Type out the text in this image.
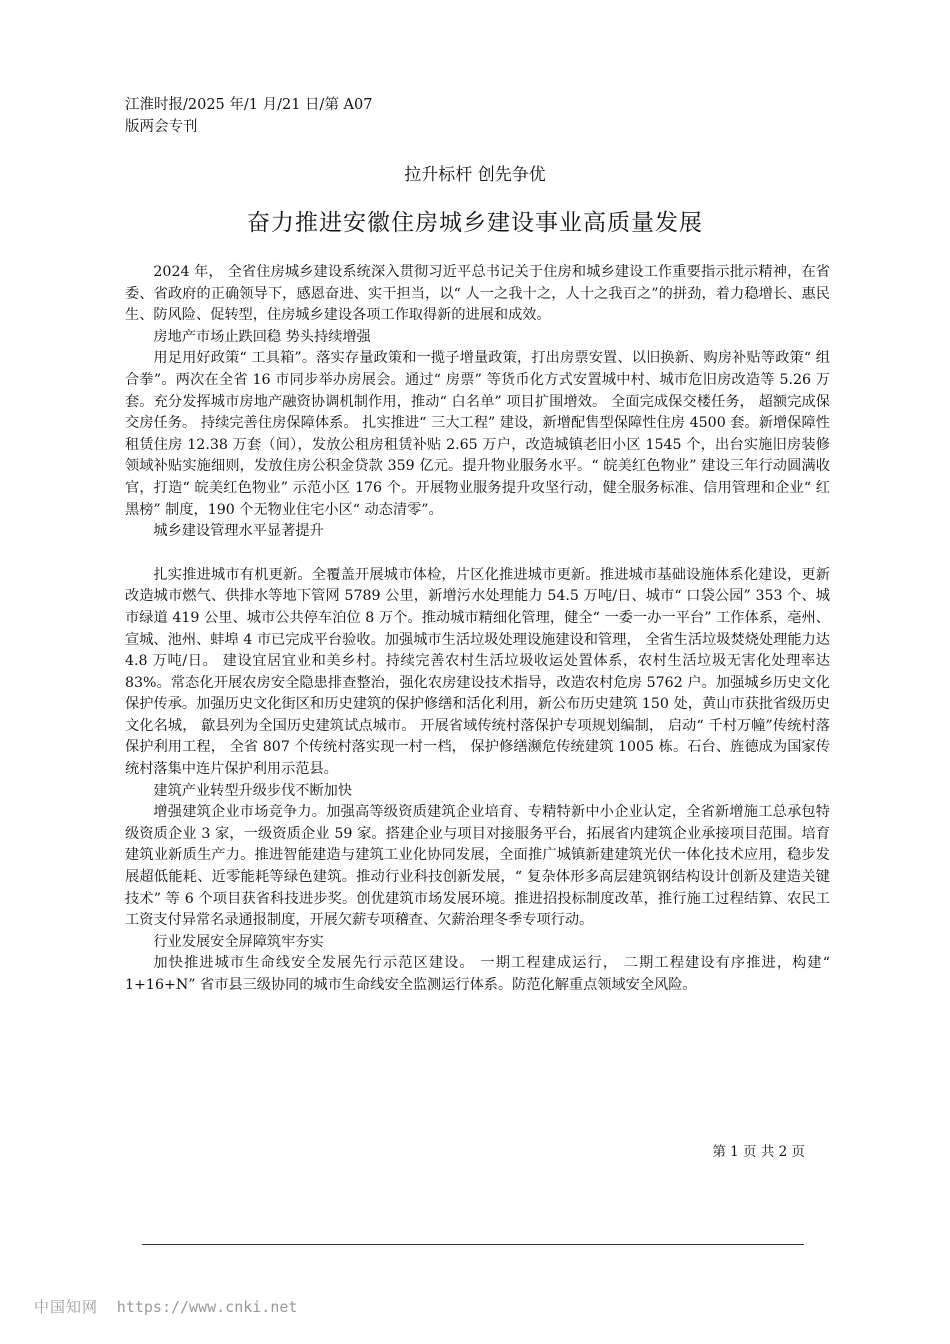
江淮时报/2025 年/1 月/21 日/第 A07
版两会专刊
拉升标杆 创先争优
奋力推进安徽住房城乡建设事业高质量发展

2024 年， 全省住房城乡建设系统深入贯彻习近平总书记关于住房和城乡建设工作重要指示批示精神，在省委、省政府的正确领导下，感恩奋进、实干担当，以“ 人一之我十之，人十之我百之”的拼劲，着力稳增长、惠民生、防风险、促转型，住房城乡建设各项工作取得新的进展和成效。

房地产市场止跌回稳 势头持续增强

用足用好政策“ 工具箱”。落实存量政策和一揽子增量政策，打出房票安置、以旧换新、购房补贴等政策“ 组合拳”。两次在全省 16 市同步举办房展会。通过“ 房票” 等货币化方式安置城中村、城市危旧房改造等 5.26 万套。充分发挥城市房地产融资协调机制作用，推动“ 白名单” 项目扩围增效。 全面完成保交楼任务， 超额完成保交房任务。 持续完善住房保障体系。 扎实推进“ 三大工程” 建设，新增配售型保障性住房 4500 套。新增保障性租赁住房 12.38 万套（间），发放公租房租赁补贴 2.65 万户，改造城镇老旧小区 1545 个，出台实施旧房装修领域补贴实施细则，发放住房公积金贷款 359 亿元。提升物业服务水平。“ 皖美红色物业” 建设三年行动圆满收官，打造“ 皖美红色物业” 示范小区 176 个。开展物业服务提升攻坚行动，健全服务标准、信用管理和企业“ 红黑榜” 制度，190 个无物业住宅小区“ 动态清零”。

城乡建设管理水平显著提升

扎实推进城市有机更新。全覆盖开展城市体检，片区化推进城市更新。推进城市基础设施体系化建设，更新改造城市燃气、供排水等地下管网 5789 公里，新增污水处理能力 54.5 万吨/日、城市“ 口袋公园” 353 个、城市绿道 419 公里、城市公共停车泊位 8 万个。推动城市精细化管理，健全“ 一委一办一平台” 工作体系，亳州、宣城、池州、蚌埠 4 市已完成平台验收。加强城市生活垃圾处理设施建设和管理， 全省生活垃圾焚烧处理能力达 4.8 万吨/日。 建设宜居宜业和美乡村。持续完善农村生活垃圾收运处置体系，农村生活垃圾无害化处理率达 83%。常态化开展农房安全隐患排查整治，强化农房建设技术指导，改造农村危房 5762 户。加强城乡历史文化保护传承。加强历史文化街区和历史建筑的保护修缮和活化利用，新公布历史建筑 150 处，黄山市获批省级历史文化名城， 歙县列为全国历史建筑试点城市。 开展省域传统村落保护专项规划编制， 启动“ 千村万幢”传统村落保护利用工程， 全省 807 个传统村落实现一村一档， 保护修缮濒危传统建筑 1005 栋。石台、旌德成为国家传统村落集中连片保护利用示范县。

建筑产业转型升级步伐不断加快

增强建筑企业市场竞争力。加强高等级资质建筑企业培育、专精特新中小企业认定，全省新增施工总承包特级资质企业 3 家，一级资质企业 59 家。搭建企业与项目对接服务平台，拓展省内建筑企业承接项目范围。培育建筑业新质生产力。推进智能建造与建筑工业化协同发展，全面推广城镇新建建筑光伏一体化技术应用，稳步发展超低能耗、近零能耗等绿色建筑。推动行业科技创新发展，“ 复杂体形多高层建筑钢结构设计创新及建造关键技术” 等 6 个项目获省科技进步奖。创优建筑市场发展环境。推进招投标制度改革，推行施工过程结算、农民工工资支付异常名录通报制度，开展欠薪专项稽查、欠薪治理冬季专项行动。

行业发展安全屏障筑牢夯实

加快推进城市生命线安全发展先行示范区建设。 一期工程建成运行， 二期工程建设有序推进，构建“ 1+16+N” 省市县三级协同的城市生命线安全监测运行体系。防范化解重点领域安全风险。

第 1 页 共 2 页
中国知网 https://www.cnki.net
